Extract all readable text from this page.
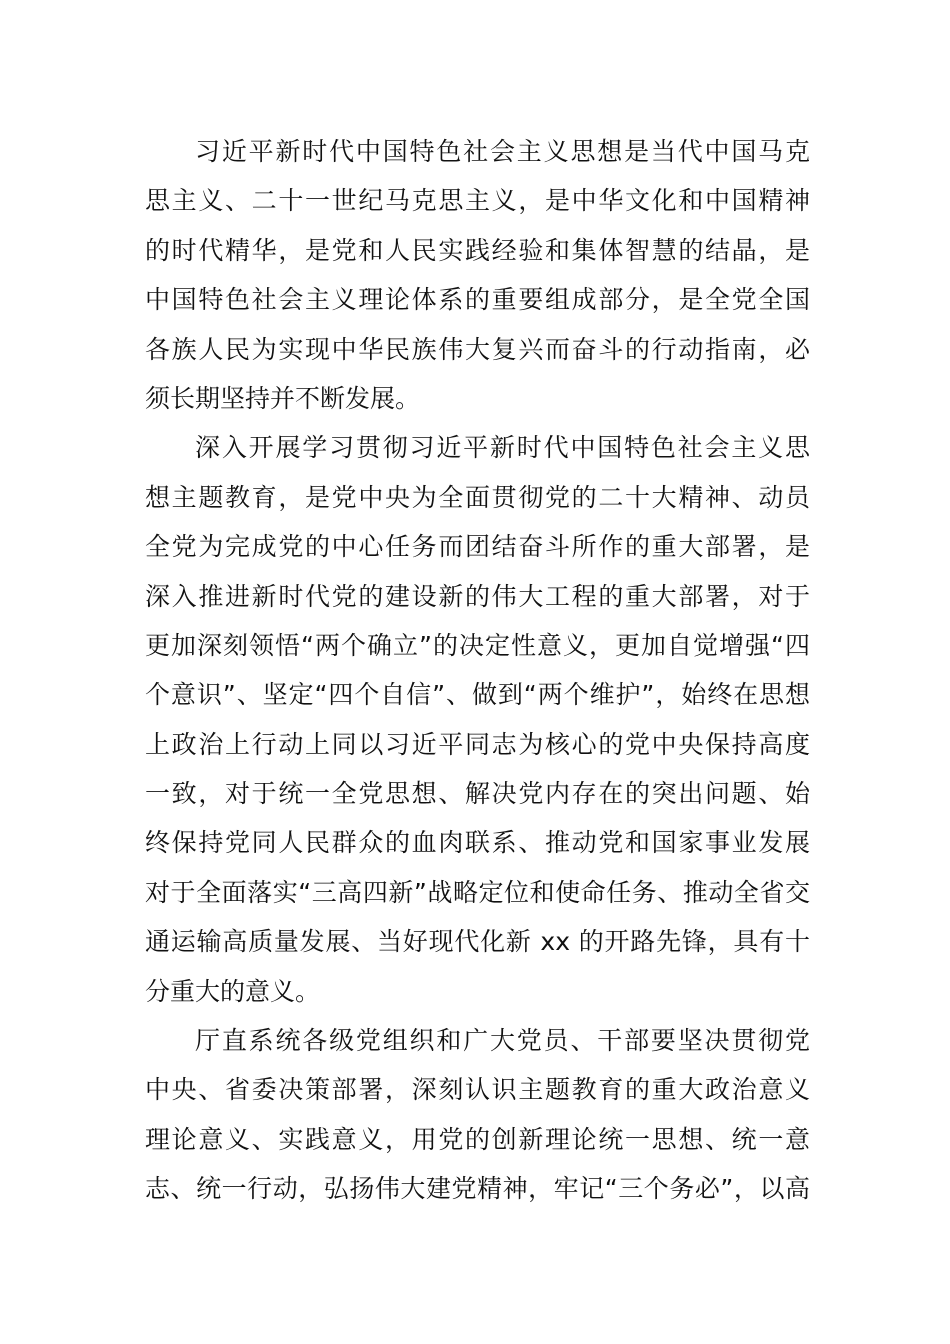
习近平新时代中国特色社会主义思想是当代中国马克
思主义、二十一世纪马克思主义，是中华文化和中国精神
的时代精华，是党和人民实践经验和集体智慧的结晶，是
中国特色社会主义理论体系的重要组成部分，是全党全国
各族人民为实现中华民族伟大复兴而奋斗的行动指南，必
须长期坚持并不断发展。
深入开展学习贯彻习近平新时代中国特色社会主义思
想主题教育，是党中央为全面贯彻党的二十大精神、动员
全党为完成党的中心任务而团结奋斗所作的重大部署，是
深入推进新时代党的建设新的伟大工程的重大部署，对于
更加深刻领悟“两个确立”的决定性意义，更加自觉增强“四
个意识”、坚定“四个自信”、做到“两个维护”，始终在思想
上政治上行动上同以习近平同志为核心的党中央保持高度
一致，对于统一全党思想、解决党内存在的突出问题、始
终保持党同人民群众的血肉联系、推动党和国家事业发展
对于全面落实“三高四新”战略定位和使命任务、推动全省交
通运输高质量发展、当好现代化新 xx 的开路先锋，具有十
分重大的意义。
厅直系统各级党组织和广大党员、干部要坚决贯彻党
中央、省委决策部署，深刻认识主题教育的重大政治意义
理论意义、实践意义，用党的创新理论统一思想、统一意
志、统一行动，弘扬伟大建党精神，牢记“三个务必”，以高
